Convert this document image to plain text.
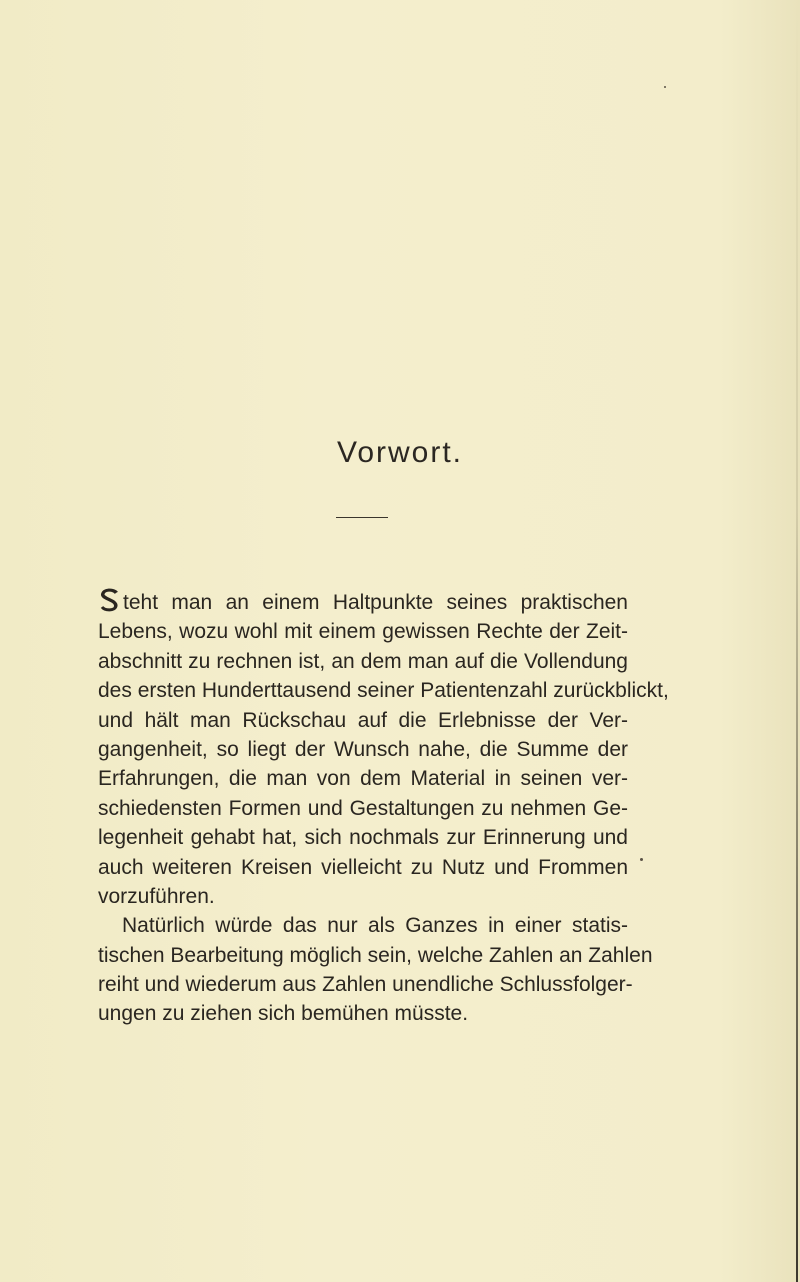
Vorwort.
teht man an einem Haltpunkte seines praktischen
Lebens, wozu wohl mit einem gewissen Rechte der Zeit-
abschnitt zu rechnen ist, an dem man auf die Vollendung
des ersten Hunderttausend seiner Patientenzahl zurückblickt,
und hält man Rückschau auf die Erlebnisse der Ver-
gangenheit, so liegt der Wunsch nahe, die Summe der
Erfahrungen, die man von dem Material in seinen ver-
schiedensten Formen und Gestaltungen zu nehmen Ge-
legenheit gehabt hat, sich nochmals zur Erinnerung und
auch weiteren Kreisen vielleicht zu Nutz und Frommen
vorzuführen.
Natürlich würde das nur als Ganzes in einer statis-
tischen Bearbeitung möglich sein, welche Zahlen an Zahlen
reiht und wiederum aus Zahlen unendliche Schlussfolger-
ungen zu ziehen sich bemühen müsste.
